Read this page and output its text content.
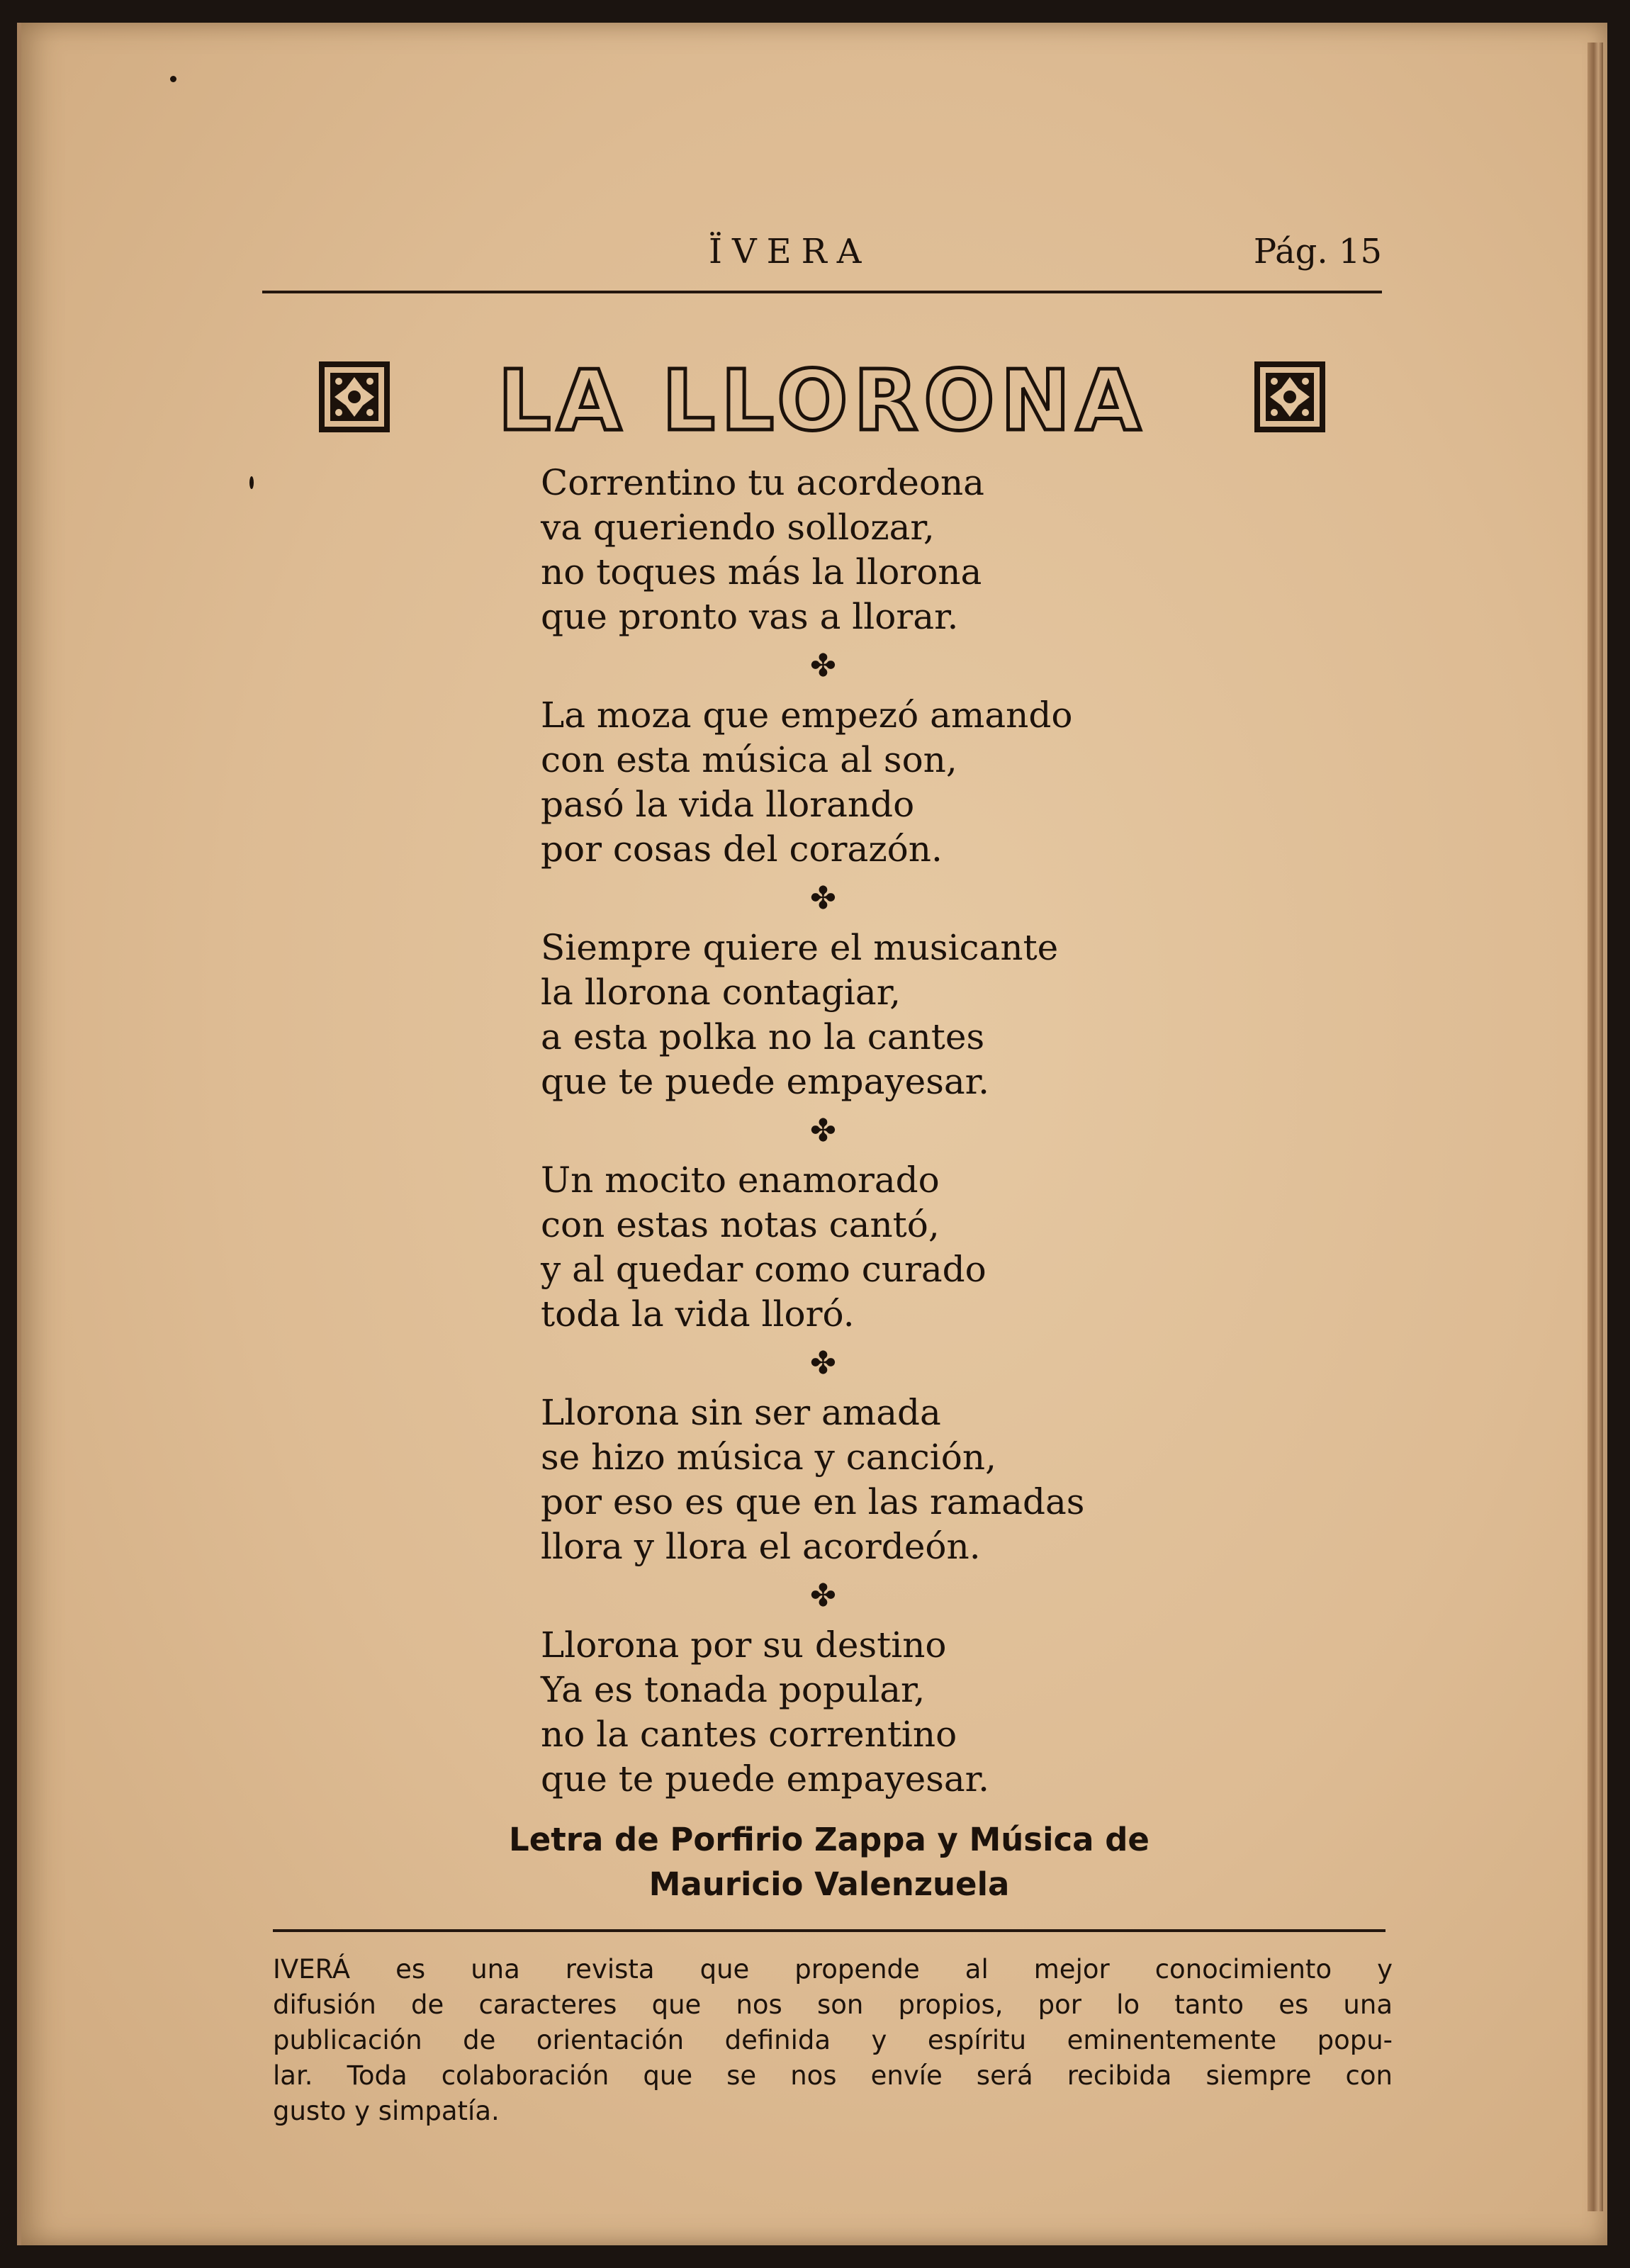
ÏVERA	Pág. 15
LA LLORONA
Correntino tu acordeona
va queriendo sollozar,
no toques más la llorona
que pronto vas a llorar.
✤
La moza que empezó amando
con esta música al son,
pasó la vida llorando
por cosas del corazón.
✤
Siempre quiere el musicante
la llorona contagiar,
a esta polka no la cantes
que te puede empayesar.
✤
Un mocito enamorado
con estas notas cantó,
y al quedar como curado
toda la vida lloró.
✤
Llorona sin ser amada
se hizo música y canción,
por eso es que en las ramadas
llora y llora el acordeón.
✤
Llorona por su destino
Ya es tonada popular,
no la cantes correntino
que te puede empayesar.
Letra de Porfirio Zappa y Música de
Mauricio Valenzuela
IVERÁ es una revista que propende al mejor conocimiento y
difusión de caracteres que nos son propios, por lo tanto es una
publicación de orientación definida y espíritu eminentemente popu-
lar. Toda colaboración que se nos envíe será recibida siempre con
gusto y simpatía.
